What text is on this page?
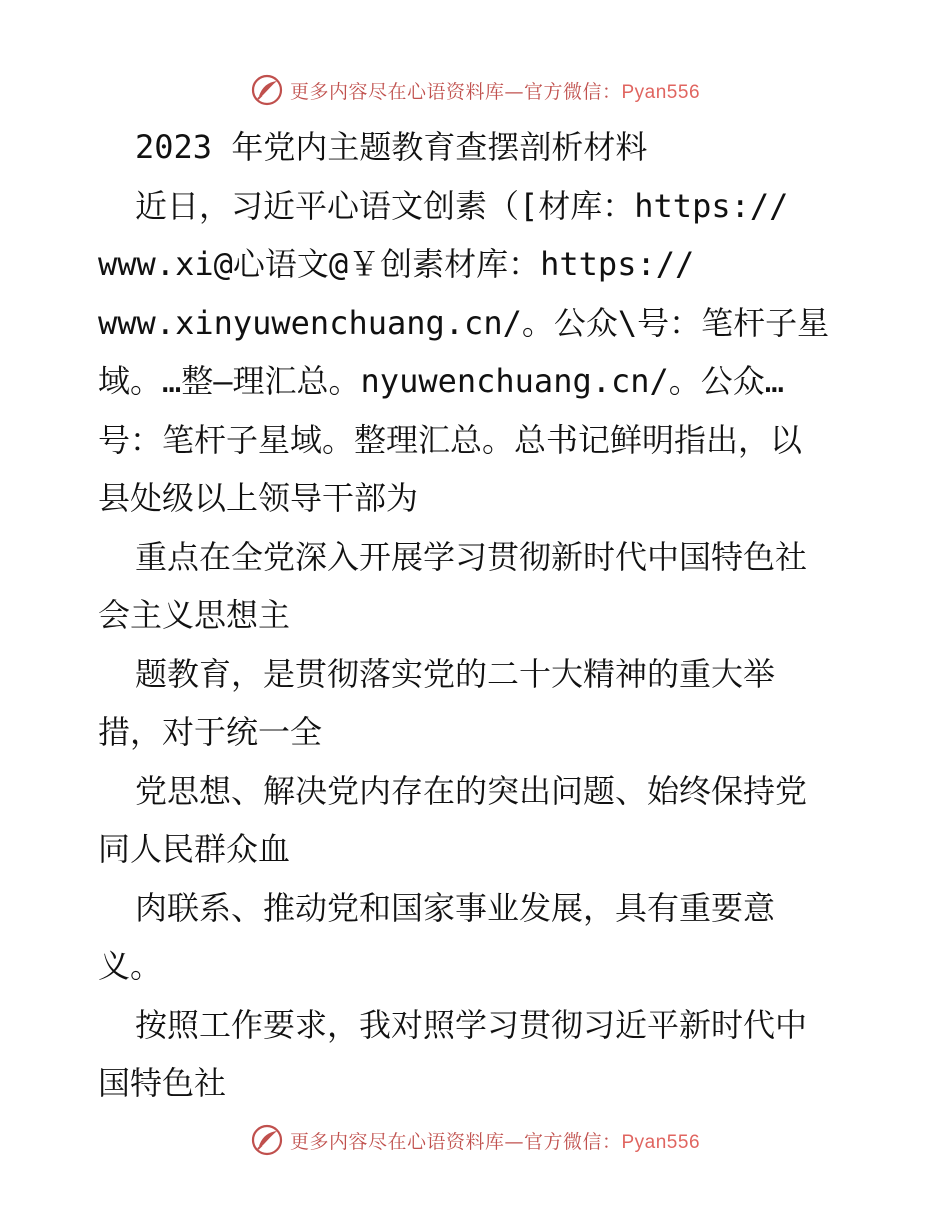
更多内容尽在心语资料库—官方微信：Pyan556
2023 年党内主题教育查摆剖析材料
近日，习近平心语文创素（[材库：https://
www.xi@心语文@￥创素材库：https://
www.xinyuwenchuang.cn/。公众\号：笔杆子星
域。…整—理汇总。nyuwenchuang.cn/。公众…
号：笔杆子星域。整理汇总。总书记鲜明指出，以
县处级以上领导干部为
重点在全党深入开展学习贯彻新时代中国特色社
会主义思想主
题教育，是贯彻落实党的二十大精神的重大举
措，对于统一全
党思想、解决党内存在的突出问题、始终保持党
同人民群众血
肉联系、推动党和国家事业发展，具有重要意
义。
按照工作要求，我对照学习贯彻习近平新时代中
国特色社
更多内容尽在心语资料库—官方微信：Pyan556
